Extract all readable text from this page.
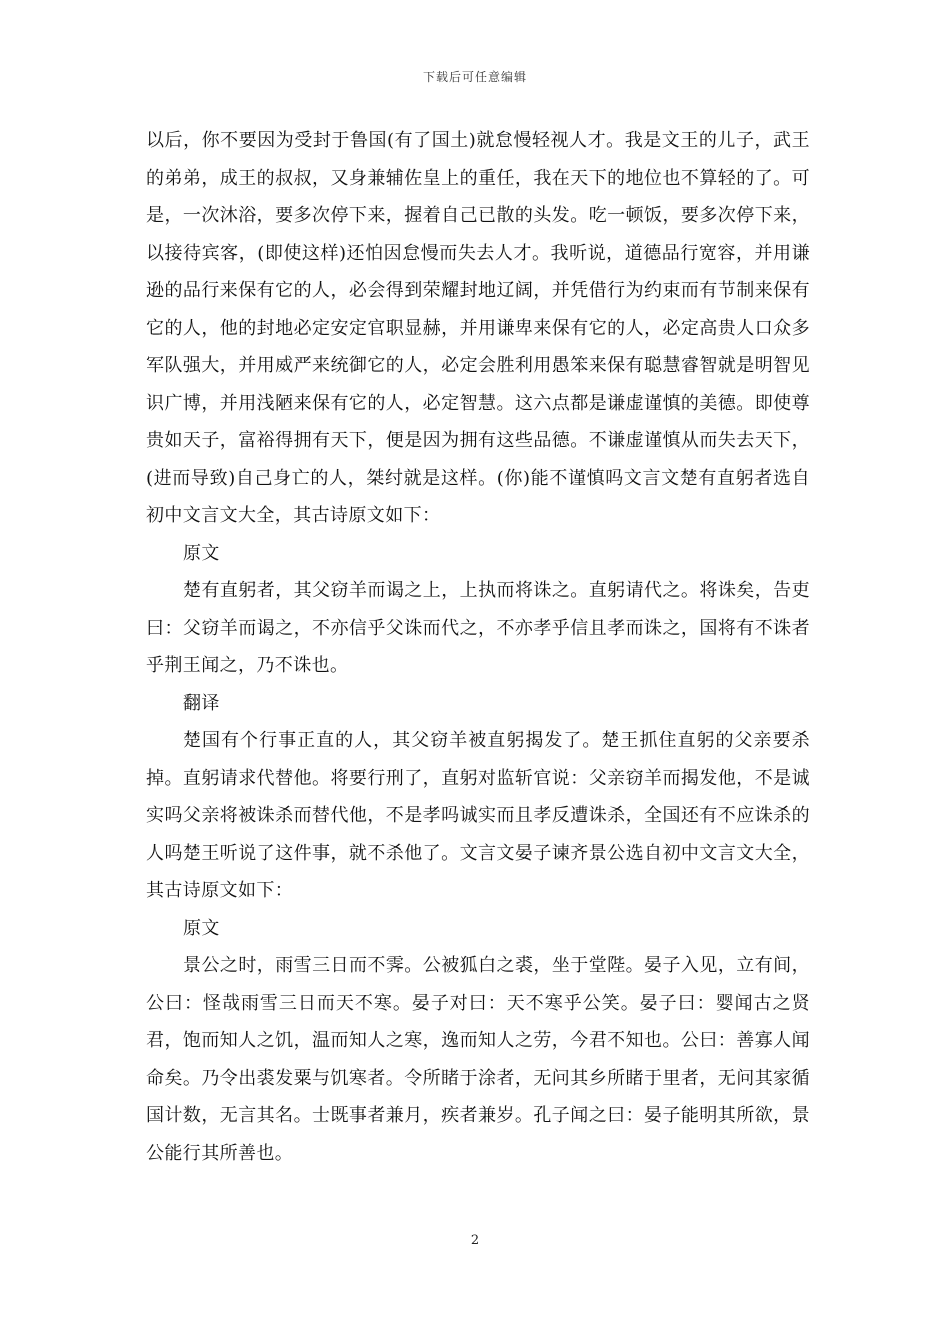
下载后可任意编辑

以后，你不要因为受封于鲁国(有了国土)就怠慢轻视人才。我是文王的儿子，武王的弟弟，成王的叔叔，又身兼辅佐皇上的重任，我在天下的地位也不算轻的了。可是，一次沐浴，要多次停下来，握着自己已散的头发。吃一顿饭，要多次停下来，以接待宾客，(即使这样)还怕因怠慢而失去人才。我听说，道德品行宽容，并用谦逊的品行来保有它的人，必会得到荣耀封地辽阔，并凭借行为约束而有节制来保有它的人，他的封地必定安定官职显赫，并用谦卑来保有它的人，必定高贵人口众多军队强大，并用威严来统御它的人，必定会胜利用愚笨来保有聪慧睿智就是明智见识广博，并用浅陋来保有它的人，必定智慧。这六点都是谦虚谨慎的美德。即使尊贵如天子，富裕得拥有天下，便是因为拥有这些品德。不谦虚谨慎从而失去天下，(进而导致)自己身亡的人，桀纣就是这样。(你)能不谨慎吗文言文楚有直躬者选自初中文言文大全，其古诗原文如下：

原文

楚有直躬者，其父窃羊而谒之上，上执而将诛之。直躬请代之。将诛矣，告吏曰：父窃羊而谒之，不亦信乎父诛而代之，不亦孝乎信且孝而诛之，国将有不诛者乎荆王闻之，乃不诛也。

翻译

楚国有个行事正直的人，其父窃羊被直躬揭发了。楚王抓住直躬的父亲要杀掉。直躬请求代替他。将要行刑了，直躬对监斩官说：父亲窃羊而揭发他，不是诚实吗父亲将被诛杀而替代他，不是孝吗诚实而且孝反遭诛杀，全国还有不应诛杀的人吗楚王听说了这件事，就不杀他了。文言文晏子谏齐景公选自初中文言文大全，其古诗原文如下：

原文

景公之时，雨雪三日而不霁。公被狐白之裘，坐于堂陛。晏子入见，立有间，公曰：怪哉雨雪三日而天不寒。晏子对曰：天不寒乎公笑。晏子曰：婴闻古之贤君，饱而知人之饥，温而知人之寒，逸而知人之劳，今君不知也。公曰：善寡人闻命矣。乃令出裘发粟与饥寒者。令所睹于涂者，无问其乡所睹于里者，无问其家循国计数，无言其名。士既事者兼月，疾者兼岁。孔子闻之曰：晏子能明其所欲，景公能行其所善也。

2
